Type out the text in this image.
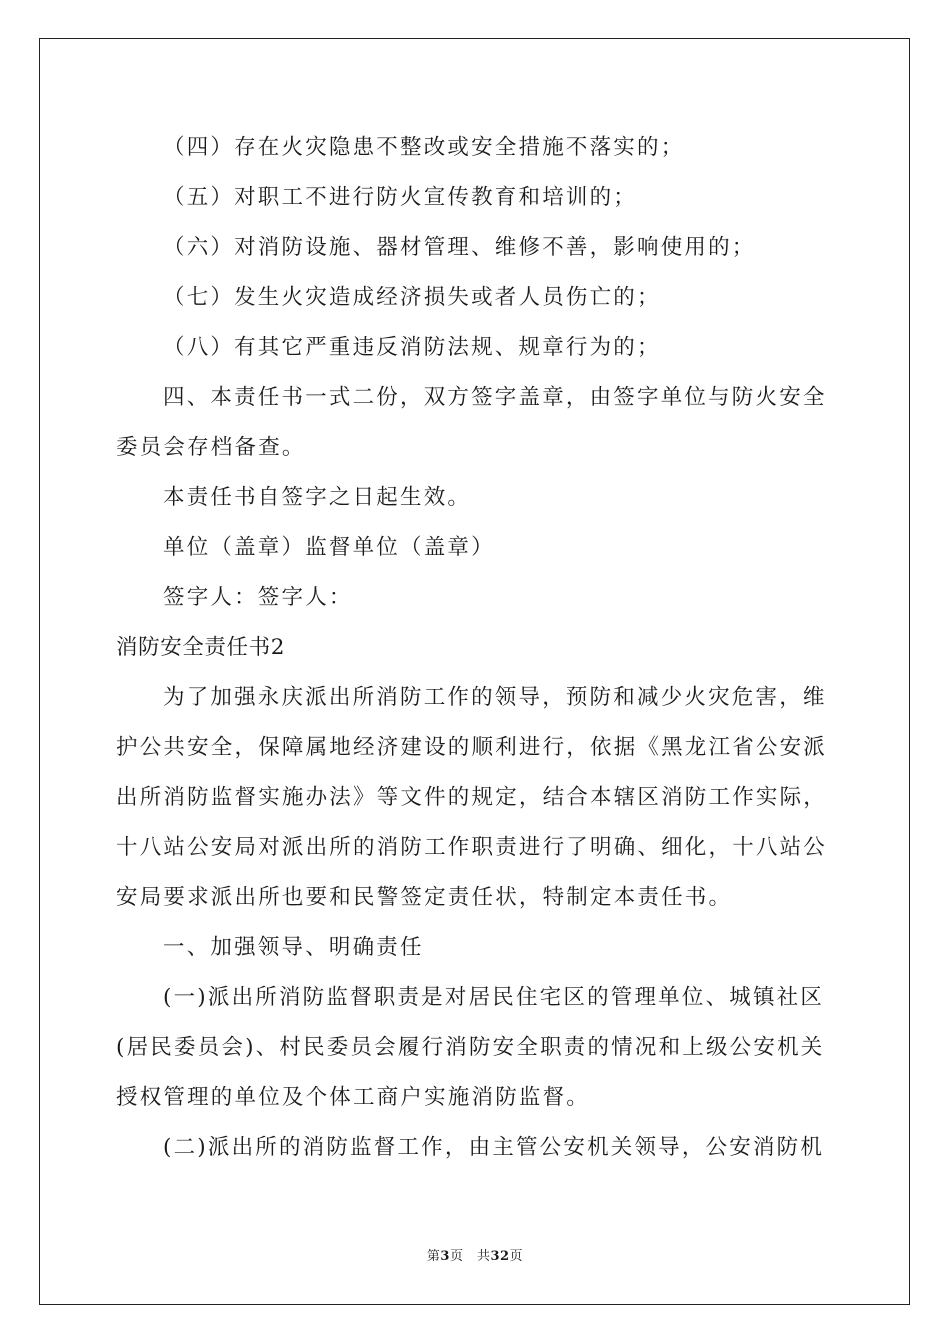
（四）存在火灾隐患不整改或安全措施不落实的；
（五）对职工不进行防火宣传教育和培训的；
（六）对消防设施、器材管理、维修不善，影响使用的；
（七）发生火灾造成经济损失或者人员伤亡的；
（八）有其它严重违反消防法规、规章行为的；
四、本责任书一式二份，双方签字盖章，由签字单位与防火安全
委员会存档备查。
本责任书自签字之日起生效。
单位（盖章）监督单位（盖章）
签字人：签字人：
消防安全责任书2
为了加强永庆派出所消防工作的领导，预防和减少火灾危害，维
护公共安全，保障属地经济建设的顺利进行，依据《黑龙江省公安派
出所消防监督实施办法》等文件的规定，结合本辖区消防工作实际，
十八站公安局对派出所的消防工作职责进行了明确、细化，十八站公
安局要求派出所也要和民警签定责任状，特制定本责任书。
一、加强领导、明确责任
(一)派出所消防监督职责是对居民住宅区的管理单位、城镇社区
(居民委员会)、村民委员会履行消防安全职责的情况和上级公安机关
授权管理的单位及个体工商户实施消防监督。
(二)派出所的消防监督工作，由主管公安机关领导，公安消防机
第3页　共32页
